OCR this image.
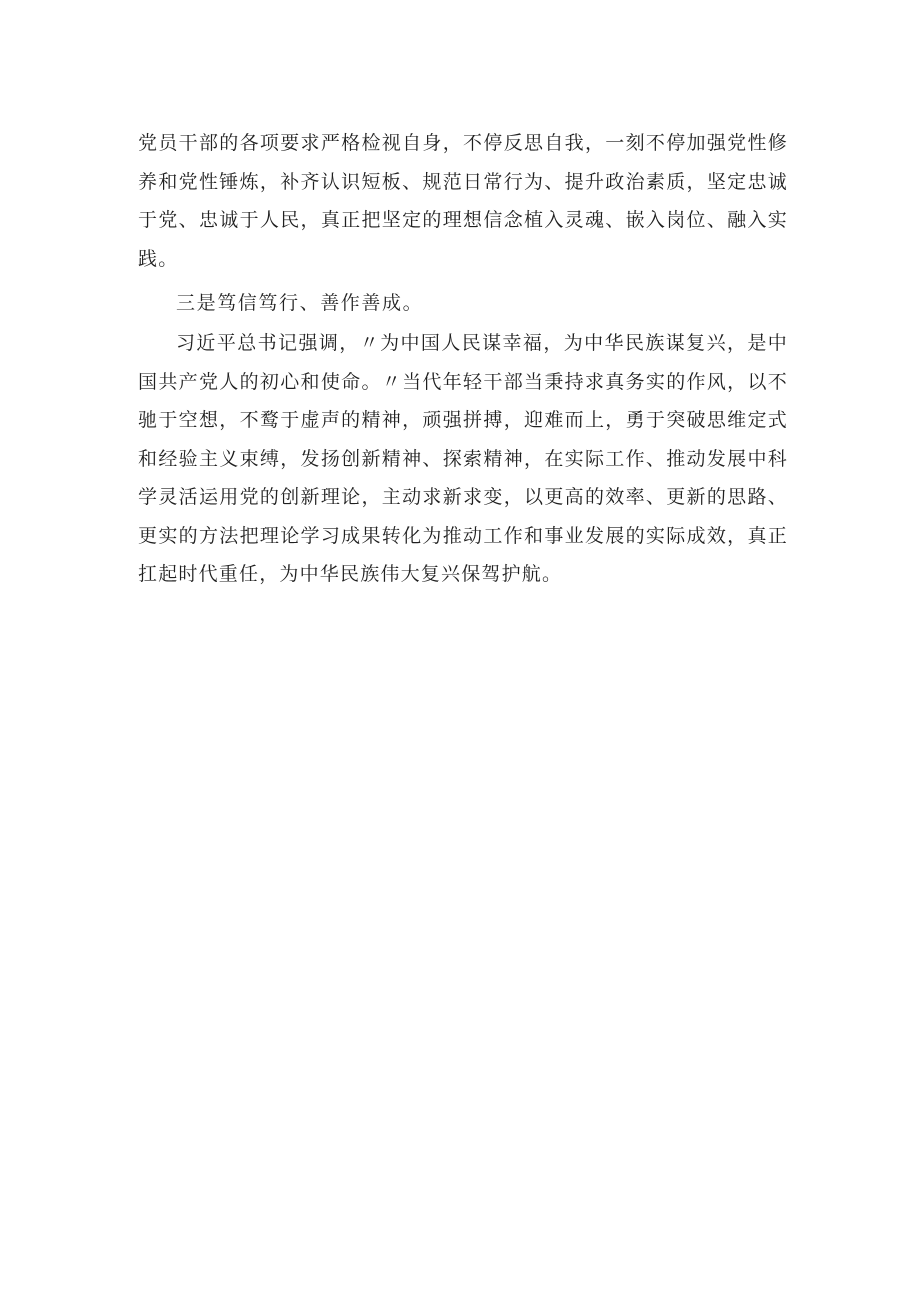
党员干部的各项要求严格检视自身，不停反思自我，一刻不停加强党性修养和党性锤炼，补齐认识短板、规范日常行为、提升政治素质，坚定忠诚于党、忠诚于人民，真正把坚定的理想信念植入灵魂、嵌入岗位、融入实践。

三是笃信笃行、善作善成。

习近平总书记强调，〃为中国人民谋幸福，为中华民族谋复兴，是中国共产党人的初心和使命。〃当代年轻干部当秉持求真务实的作风，以不驰于空想，不鹜于虚声的精神，顽强拼搏，迎难而上，勇于突破思维定式和经验主义束缚，发扬创新精神、探索精神，在实际工作、推动发展中科学灵活运用党的创新理论，主动求新求变，以更高的效率、更新的思路、更实的方法把理论学习成果转化为推动工作和事业发展的实际成效，真正扛起时代重任，为中华民族伟大复兴保驾护航。
